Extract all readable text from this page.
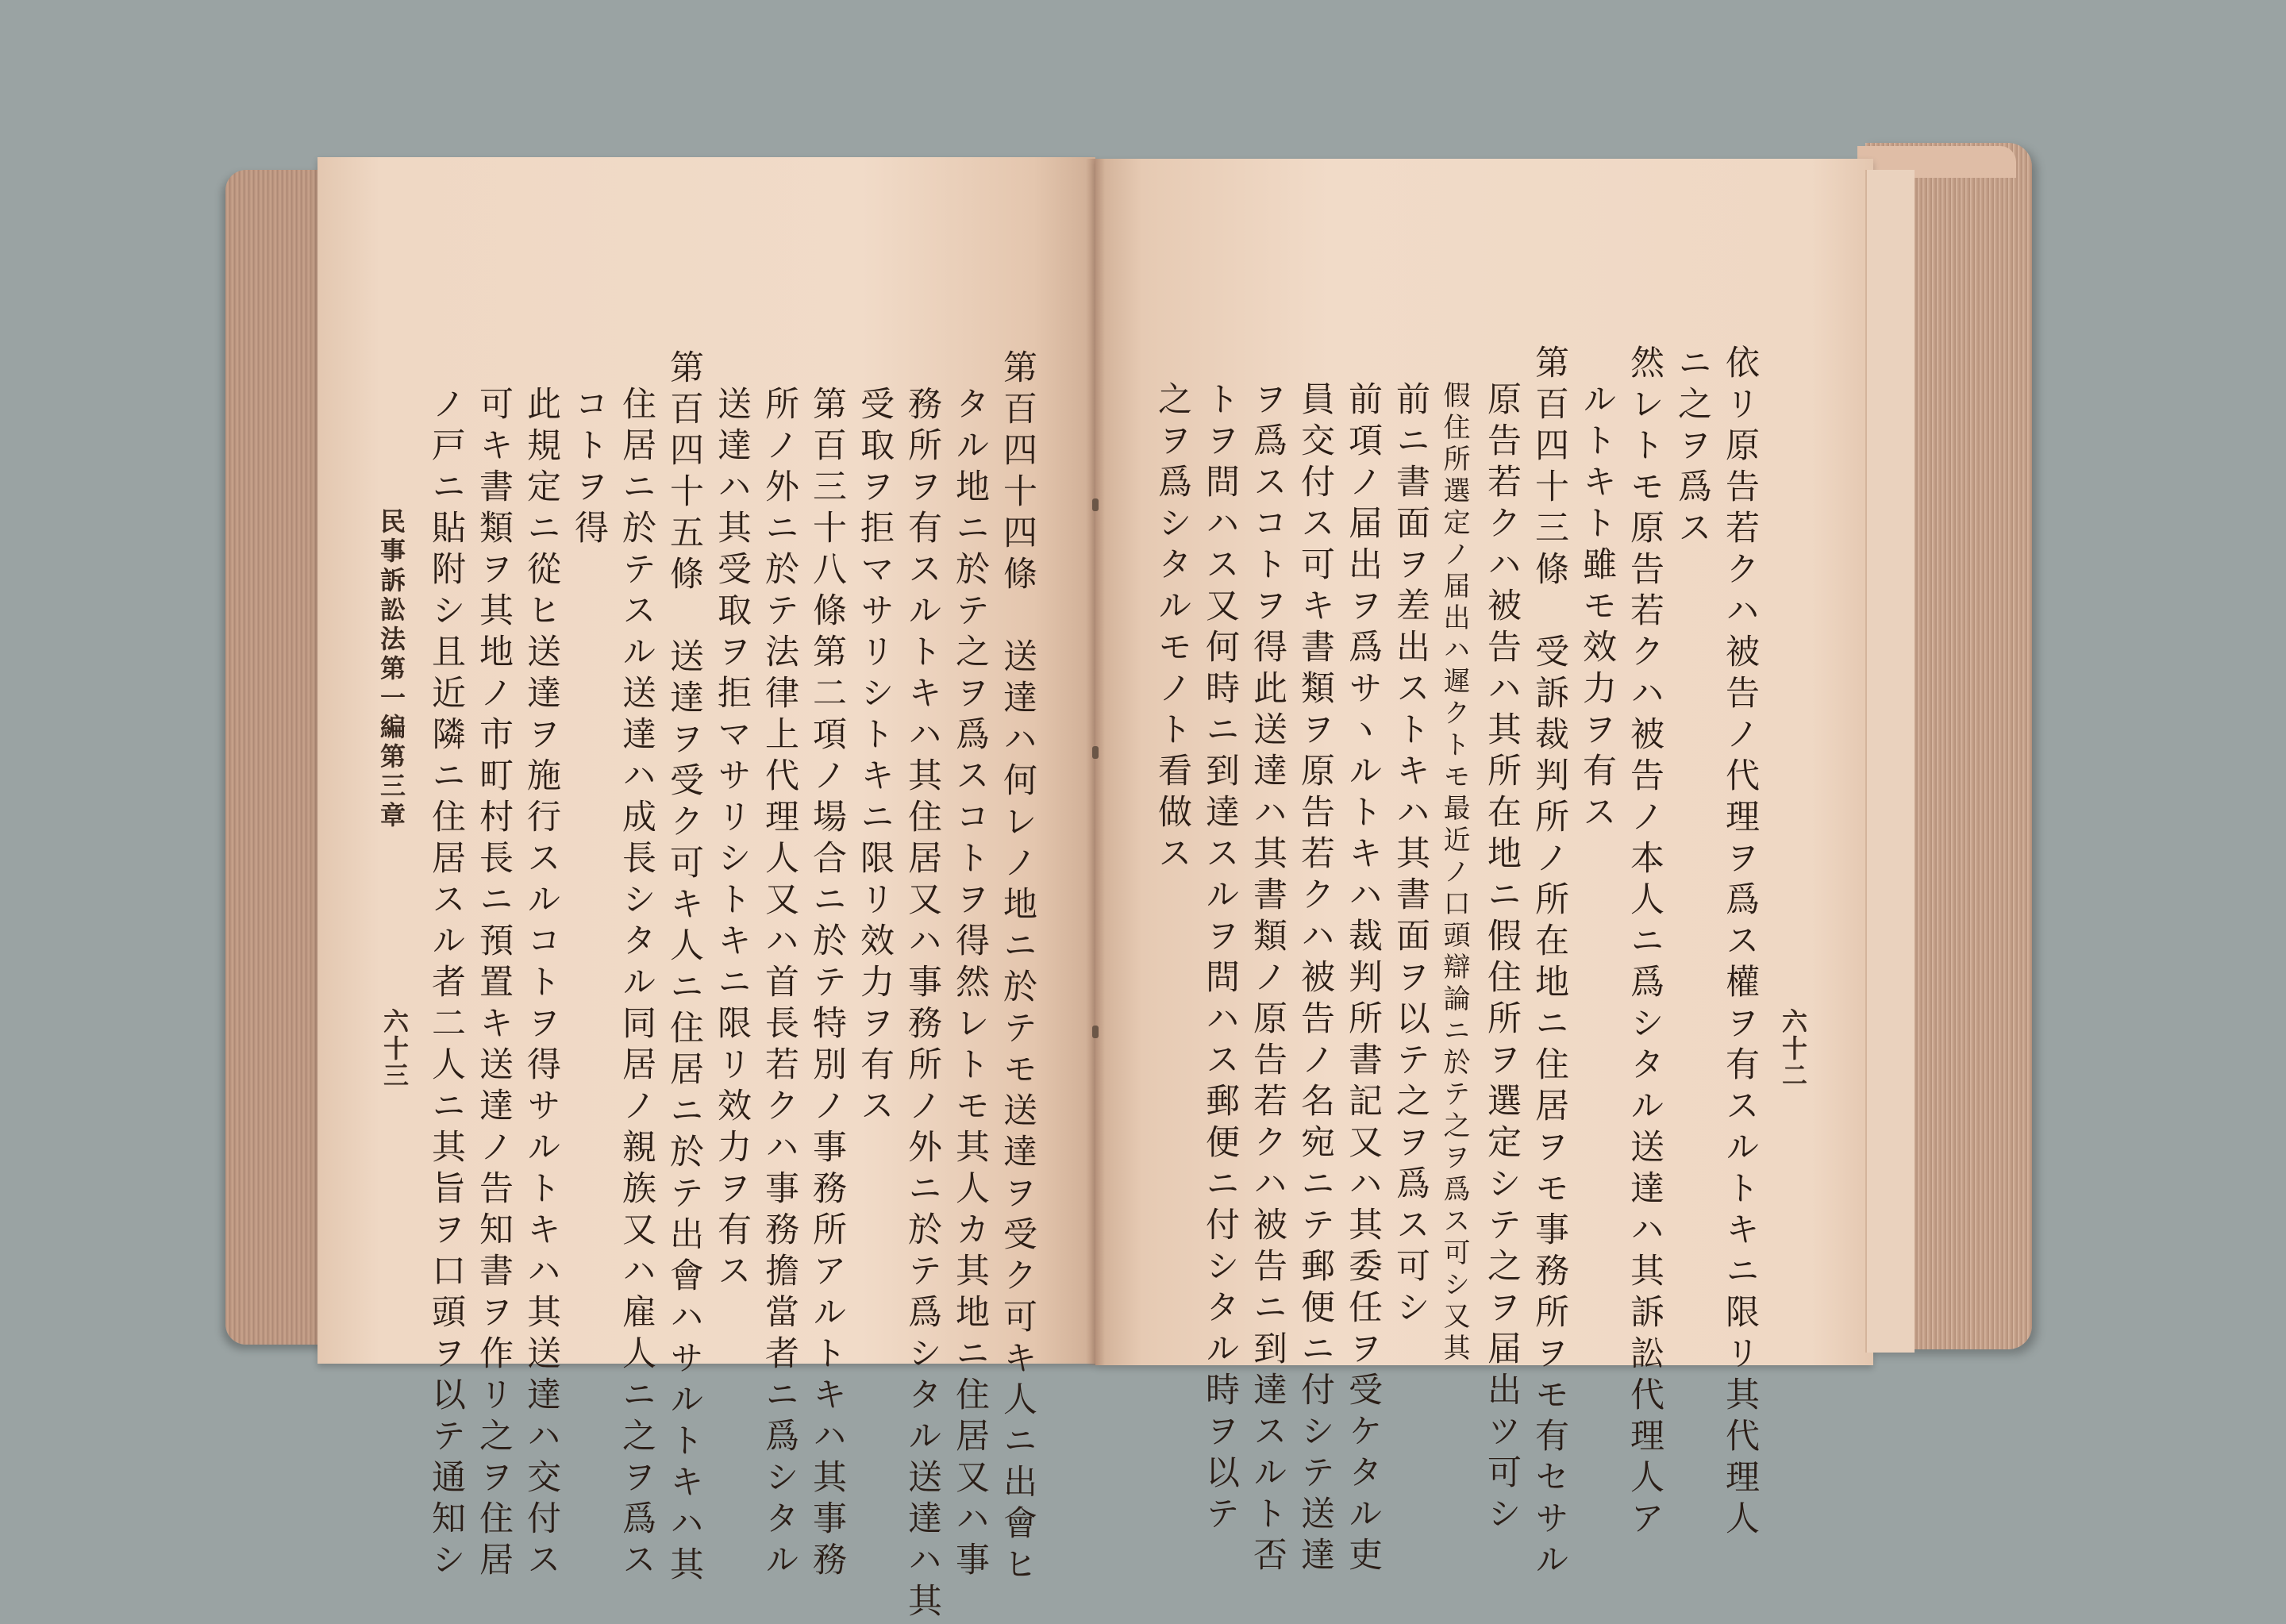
依リ原告若クハ被告ノ代理ヲ爲ス權ヲ有スルトキニ限リ其代理人
ニ之ヲ爲ス
然レトモ原告若クハ被告ノ本人ニ爲シタル送達ハ其訴訟代理人ア
ルトキト雖モ效力ヲ有ス
第百四十三條　受訴裁判所ノ所在地ニ住居ヲモ事務所ヲモ有セサル
原告若クハ被告ハ其所在地ニ假住所ヲ選定シテ之ヲ届出ツ可シ
假住所選定ノ届出ハ遲クトモ最近ノ口頭辯論ニ於テ之ヲ爲ス可シ又其
前ニ書面ヲ差出ストキハ其書面ヲ以テ之ヲ爲ス可シ
前項ノ届出ヲ爲サヽルトキハ裁判所書記又ハ其委任ヲ受ケタル吏
員交付ス可キ書類ヲ原告若クハ被告ノ名宛ニテ郵便ニ付シテ送達
ヲ爲スコトヲ得此送達ハ其書類ノ原告若クハ被告ニ到達スルト否
トヲ問ハス又何時ニ到達スルヲ問ハス郵便ニ付シタル時ヲ以テ
之ヲ爲シタルモノト看做ス
六十二
第百四十四條　送達ハ何レノ地ニ於テモ送達ヲ受ク可キ人ニ出會ヒ
タル地ニ於テ之ヲ爲スコトヲ得然レトモ其人カ其地ニ住居又ハ事
務所ヲ有スルトキハ其住居又ハ事務所ノ外ニ於テ爲シタル送達ハ其
受取ヲ拒マサリシトキニ限リ效力ヲ有ス
第百三十八條第二項ノ場合ニ於テ特別ノ事務所アルトキハ其事務
所ノ外ニ於テ法律上代理人又ハ首長若クハ事務擔當者ニ爲シタル
送達ハ其受取ヲ拒マサリシトキニ限リ效力ヲ有ス
第百四十五條　送達ヲ受ク可キ人ニ住居ニ於テ出會ハサルトキハ其
住居ニ於テスル送達ハ成長シタル同居ノ親族又ハ雇人ニ之ヲ爲ス
コトヲ得
此規定ニ從ヒ送達ヲ施行スルコトヲ得サルトキハ其送達ハ交付ス
可キ書類ヲ其地ノ市町村長ニ預置キ送達ノ告知書ヲ作リ之ヲ住居
ノ戸ニ貼附シ且近隣ニ住居スル者二人ニ其旨ヲ口頭ヲ以テ通知シ
民事訴訟法第一編第三章
六十三
